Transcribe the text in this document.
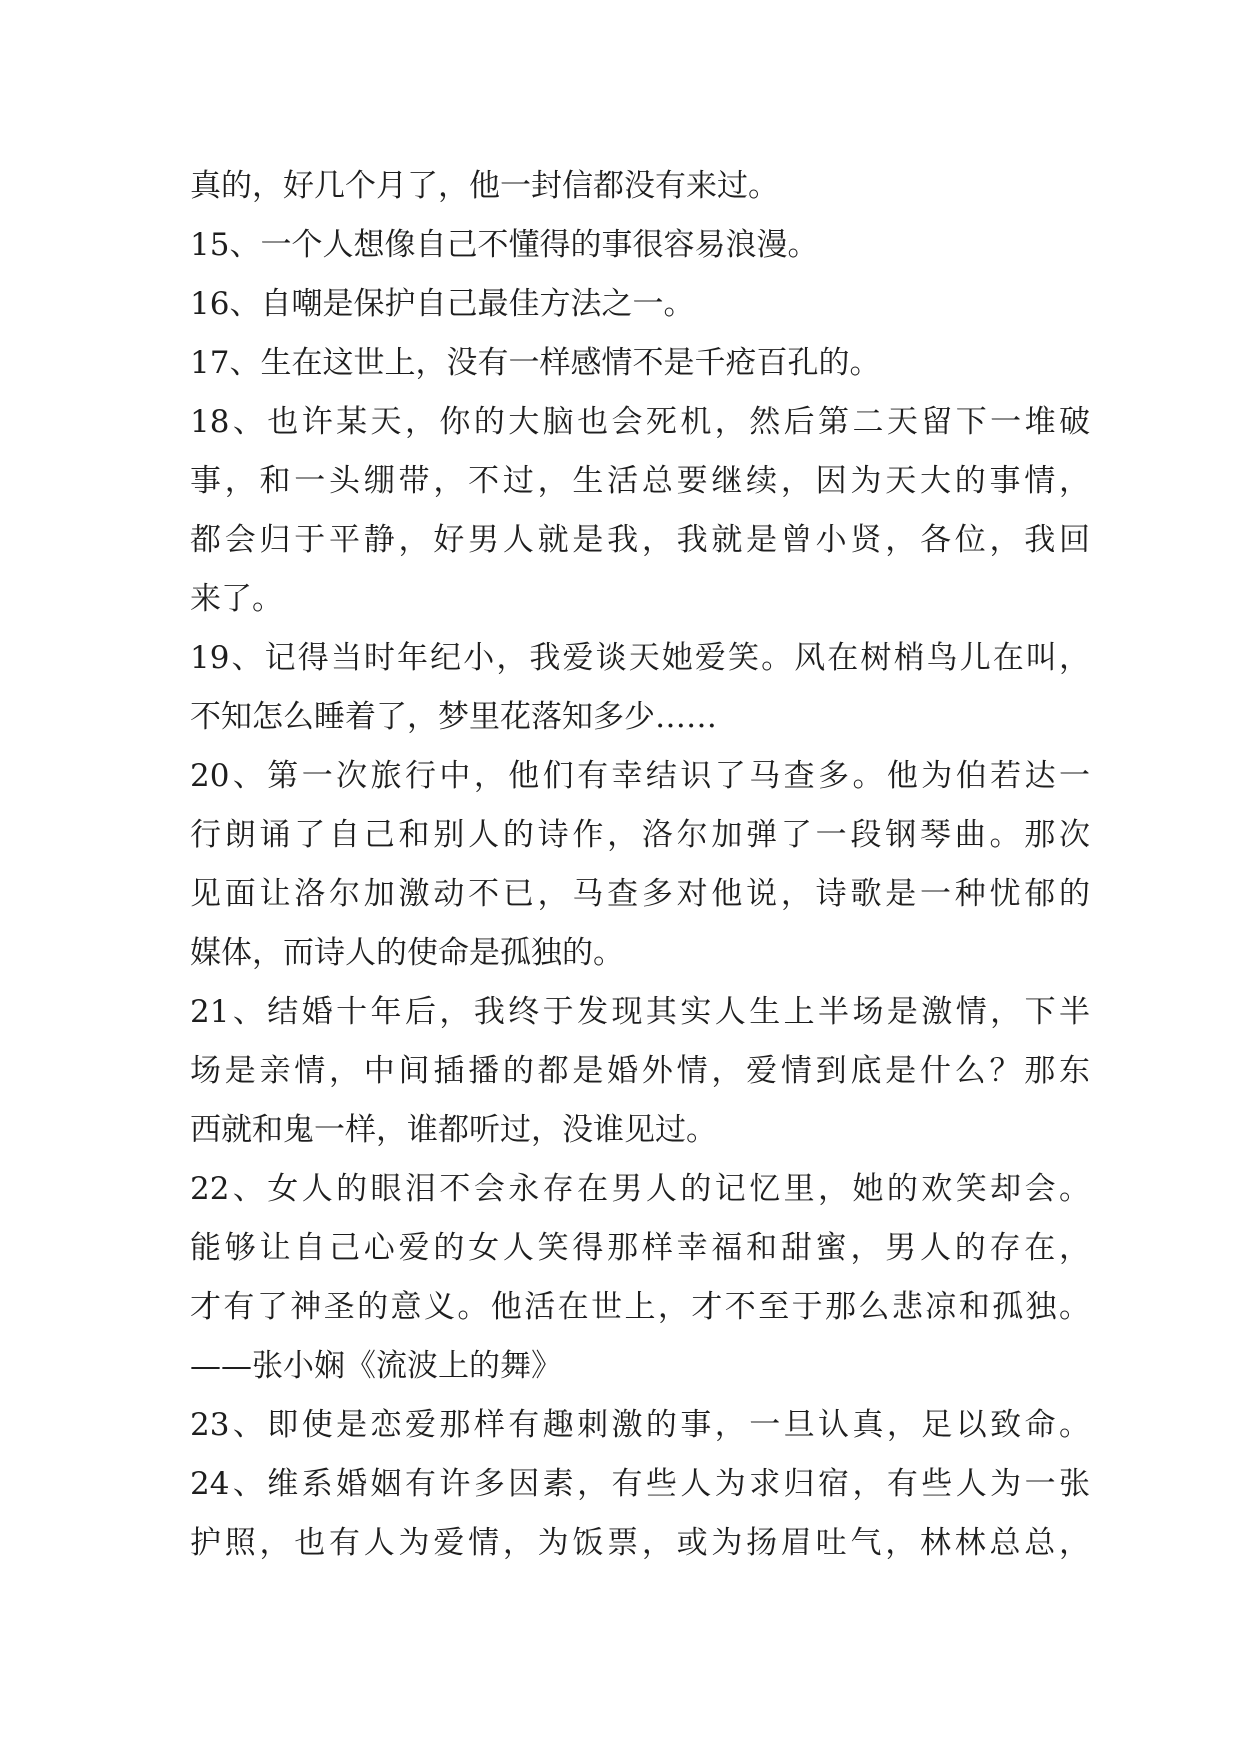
真的，好几个月了，他一封信都没有来过。
15、一个人想像自己不懂得的事很容易浪漫。
16、自嘲是保护自己最佳方法之一。
17、生在这世上，没有一样感情不是千疮百孔的。
18、也许某天，你的大脑也会死机，然后第二天留下一堆破
事，和一头绷带，不过，生活总要继续，因为天大的事情，
都会归于平静，好男人就是我，我就是曾小贤，各位，我回
来了。
19、记得当时年纪小，我爱谈天她爱笑。风在树梢鸟儿在叫，
不知怎么睡着了，梦里花落知多少……
20、第一次旅行中，他们有幸结识了马查多。他为伯若达一
行朗诵了自己和别人的诗作，洛尔加弹了一段钢琴曲。那次
见面让洛尔加激动不已，马查多对他说，诗歌是一种忧郁的
媒体，而诗人的使命是孤独的。
21、结婚十年后，我终于发现其实人生上半场是激情，下半
场是亲情，中间插播的都是婚外情，爱情到底是什么？那东
西就和鬼一样，谁都听过，没谁见过。
22、女人的眼泪不会永存在男人的记忆里，她的欢笑却会。
能够让自己心爱的女人笑得那样幸福和甜蜜，男人的存在，
才有了神圣的意义。他活在世上，才不至于那么悲凉和孤独。
——张小娴《流波上的舞》
23、即使是恋爱那样有趣刺激的事，一旦认真，足以致命。
24、维系婚姻有许多因素，有些人为求归宿，有些人为一张
护照，也有人为爱情，为饭票，或为扬眉吐气，林林总总，
